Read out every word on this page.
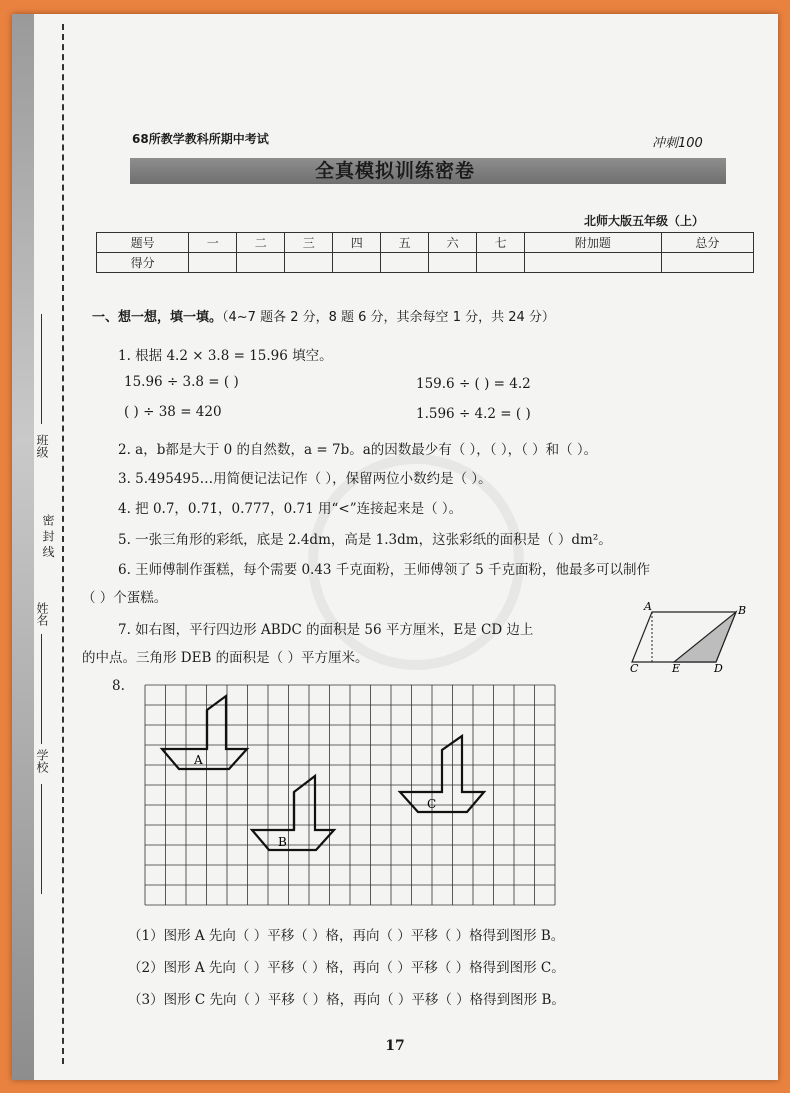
班级
密 封 线
姓名
学校
68所教学教科所期中考试	冲刺100
全真模拟训练密卷
北师大版五年级（上）
题号	一	二	三	四	五	六	七	附加题	总分
得分									
一、想一想，填一填。（4~7 题各 2 分，8 题 6 分，其余每空 1 分，共 24 分）
1. 根据 4.2 × 3.8 = 15.96 填空。
15.96 ÷ 3.8 = ( )	159.6 ÷ ( ) = 4.2
( ) ÷ 38 = 420	1.596 ÷ 4.2 = ( )
2. a，b都是大于 0 的自然数，a = 7b。a的因数最少有（ ），（ ），（ ）和（ ）。
3. 5.495495…用简便记法记作（ ），保留两位小数约是（ ）。
4. 把 0.7̇，0.7̇1̇，0.777，0.71 用“<”连接起来是（ ）。
5. 一张三角形的彩纸，底是 2.4dm，高是 1.3dm，这张彩纸的面积是（ ）dm²。
6. 王师傅制作蛋糕，每个需要 0.43 千克面粉，王师傅领了 5 千克面粉，他最多可以制作
（ ）个蛋糕。
7. 如右图，平行四边形 ABDC 的面积是 56 平方厘米，E是 CD 边上
的中点。三角形 DEB 的面积是（ ）平方厘米。
A	B
C	E	D
8.
A
B
C
（1）图形 A 先向（ ）平移（ ）格，再向（ ）平移（ ）格得到图形 B。
（2）图形 A 先向（ ）平移（ ）格，再向（ ）平移（ ）格得到图形 C。
（3）图形 C 先向（ ）平移（ ）格，再向（ ）平移（ ）格得到图形 B。
17
